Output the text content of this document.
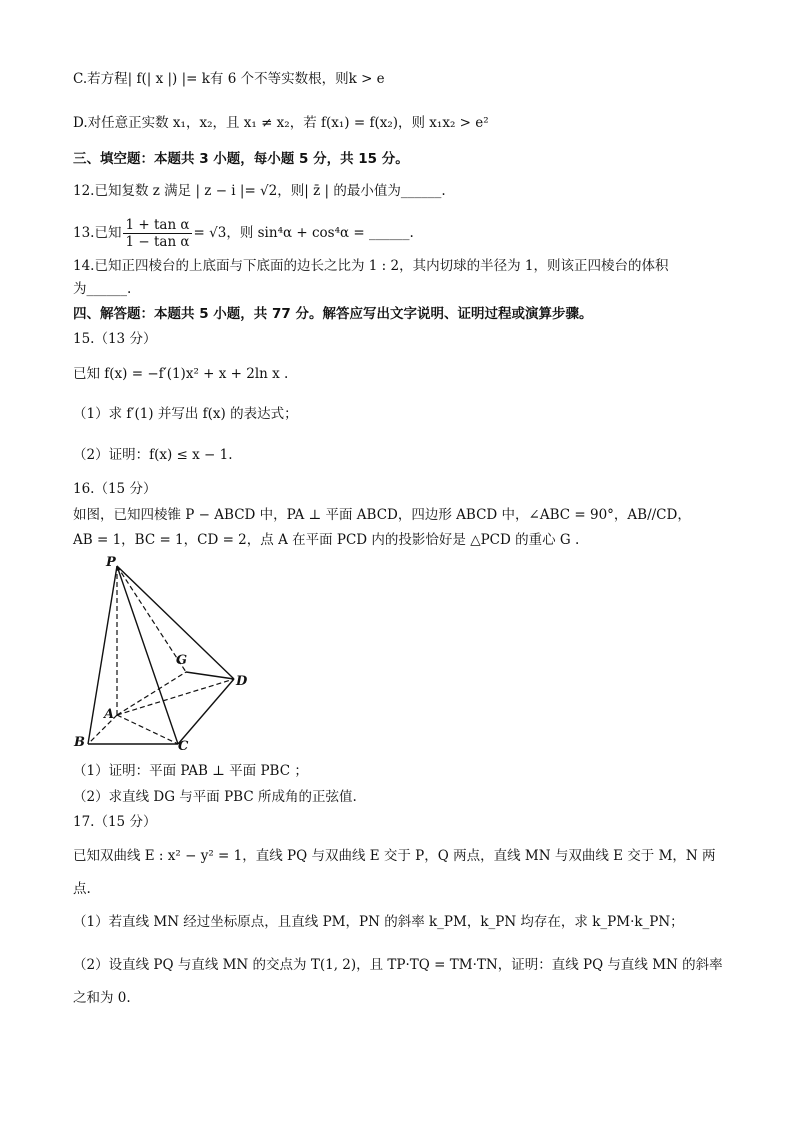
C.若方程| f(| x |) |= k有 6 个不等实数根，则k > e
D.对任意正实数 x₁，x₂，且 x₁ ≠ x₂，若 f(x₁) = f(x₂)，则 x₁x₂ > e²
三、填空题：本题共 3 小题，每小题 5 分，共 15 分。
12.已知复数 z 满足 | z − i |= √2，则| z̄ | 的最小值为______.
13.已知 $\frac{\text{1 + tan α}}{\text{1 − tan α}} = √3$，则 sin⁴α + cos⁴α = ______.
14.已知正四棱台的上底面与下底面的边长之比为 1 : 2，其内切球的半径为 1，则该正四棱台的体积
为______.
四、解答题：本题共 5 小题，共 77 分。解答应写出文字说明、证明过程或演算步骤。
15.（13 分）
已知 f(x) = −f′(1)x² + x + 2ln x .
（1）求 f′(1) 并写出 f(x) 的表达式；
（2）证明：f(x) ≤ x − 1.
16.（15 分）
如图，已知四棱锥 P − ABCD 中，PA ⊥ 平面 ABCD，四边形 ABCD 中，∠ABC = 90°，AB//CD，
AB = 1，BC = 1，CD = 2，点 A 在平面 PCD 内的投影恰好是 △PCD 的重心 G .
P
G
D
A
B	C
（1）证明：平面 PAB ⊥ 平面 PBC ；
（2）求直线 DG 与平面 PBC 所成角的正弦值.
17.（15 分）
已知双曲线 E : x² − y² = 1，直线 PQ 与双曲线 E 交于 P，Q 两点，直线 MN 与双曲线 E 交于 M，N 两
点.
（1）若直线 MN 经过坐标原点，且直线 PM，PN 的斜率 k_PM，k_PN 均存在，求 k_PM·k_PN；
（2）设直线 PQ 与直线 MN 的交点为 T(1, 2)，且 TP·TQ = TM·TN，证明：直线 PQ 与直线 MN 的斜率
之和为 0.
